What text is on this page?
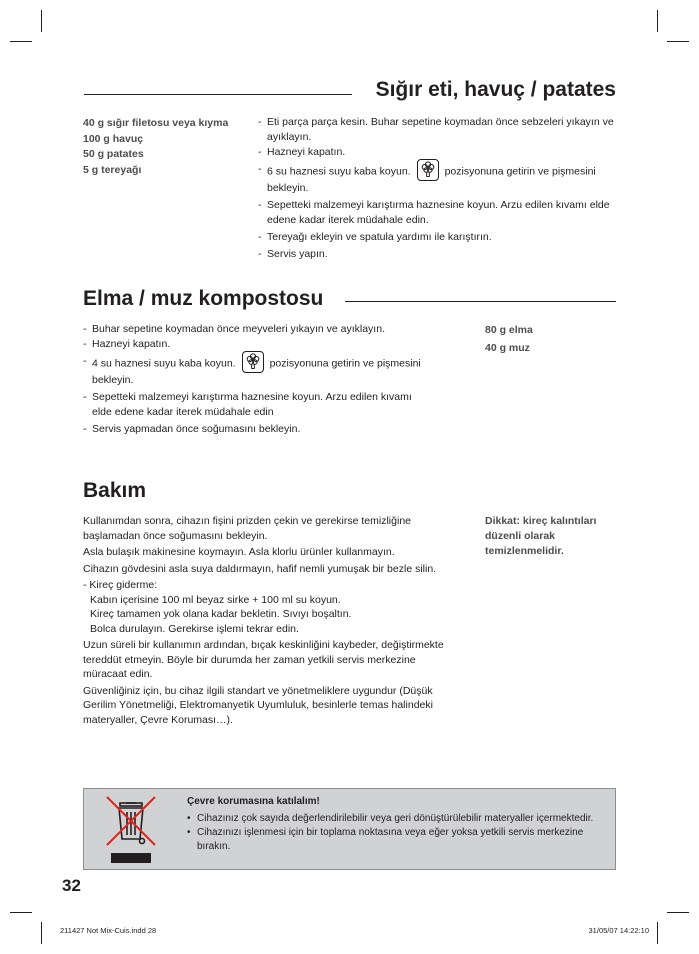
Sığır eti, havuç / patates
40 g sığır filetosu veya kıyma
100 g havuç
50 g patates
5 g tereyağı
- Eti parça parça kesin. Buhar sepetine koymadan önce sebzeleri yıkayın ve ayıklayın.
- Hazneyi kapatın.
- 6 su haznesi suyu kaba koyun.	pozisyonuna getirin ve pişmesini bekleyin.
- Sepetteki malzemeyi karıştırma haznesine koyun. Arzu edilen kıvamı elde edene kadar iterek müdahale edin.
- Tereyağı ekleyin ve spatula yardımı ile karıştırın.
- Servis yapın.
Elma / muz kompostosu
- Buhar sepetine koymadan önce meyveleri yıkayın ve ayıklayın.
- Hazneyi kapatın.
- 4 su haznesi suyu kaba koyun.	pozisyonuna getirin ve pişmesini bekleyin.
- Sepetteki malzemeyi karıştırma haznesine koyun. Arzu edilen kıvamı elde edene kadar iterek müdahale edin
- Servis yapmadan önce soğumasını bekleyin.
80 g elma
40 g muz
Bakım

Kullanımdan sonra, cihazın fişini prizden çekin ve gerekirse temizliğine başlamadan önce soğumasını bekleyin.

Asla bulaşık makinesine koymayın. Asla klorlu ürünler kullanmayın.

Cihazın gövdesini asla suya daldırmayın, hafif nemli yumuşak bir bezle silin.

- Kireç giderme:
Kabın içerisine 100 ml beyaz sirke + 100 ml su koyun.
Kireç tamamen yok olana kadar bekletin. Sıvıyı boşaltın.
Bolca durulayın. Gerekirse işlemi tekrar edin.

Uzun süreli bir kullanımın ardından, bıçak keskinliğini kaybeder, değiştirmekte tereddüt etmeyin. Böyle bir durumda her zaman yetkili servis merkezine müracaat edin.

Güvenliğiniz için, bu cihaz ilgili standart ve yönetmeliklere uygundur (Düşük Gerilim Yönetmeliği, Elektromanyetik Uyumluluk, besinlerle temas halindeki materyaller, Çevre Koruması…).

Dikkat: kireç kalıntıları düzenli olarak temizlenmelidir.
Çevre korumasına katılalım!
• Cihazınız çok sayıda değerlendirilebilir veya geri dönüştürülebilir materyaller içermektedir.
• Cihazınızı işlenmesi için bir toplama noktasına veya eğer yoksa yetkili servis merkezine bırakın.
32
211427 Not Mix-Cuis.indd 28	31/05/07 14:22:10
